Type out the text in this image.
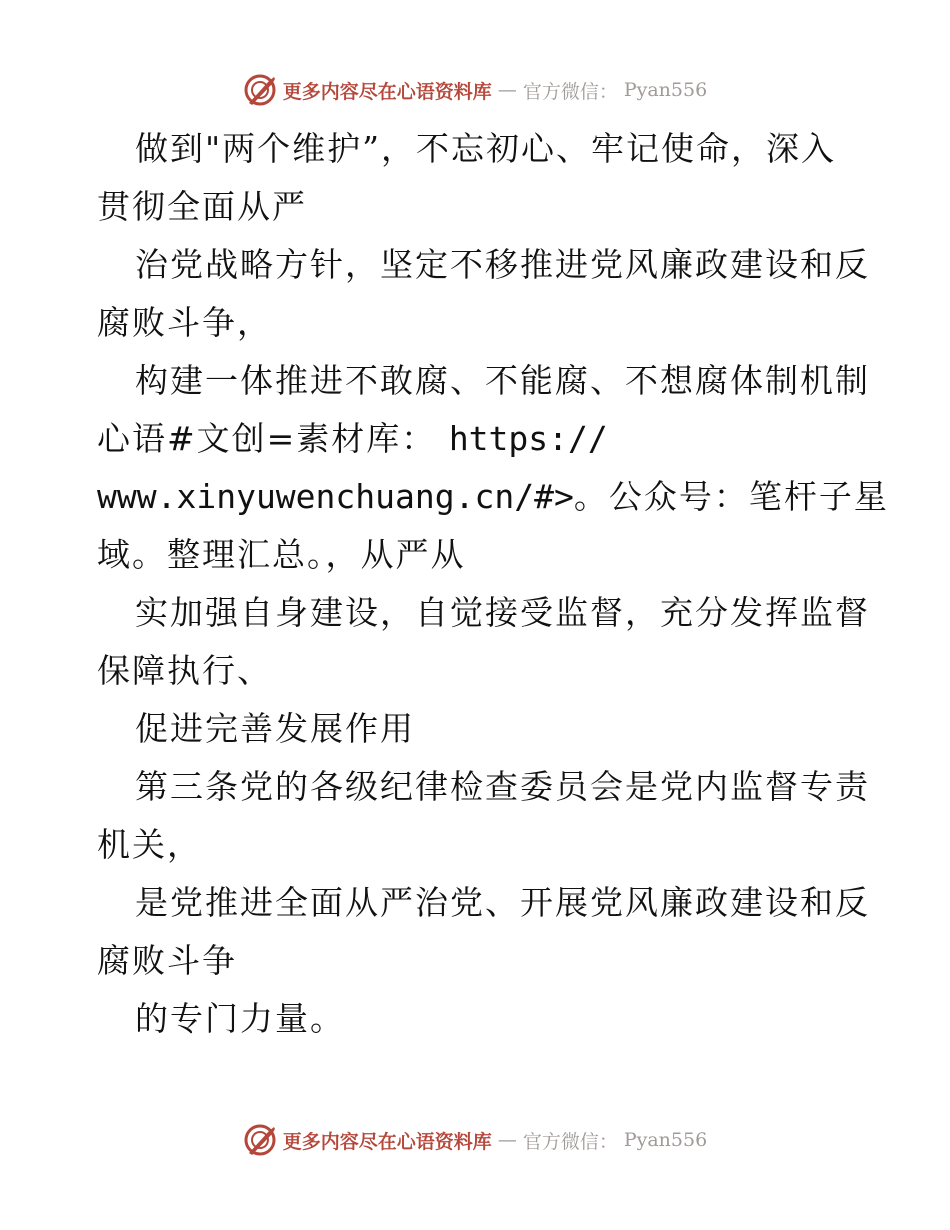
更多内容尽在心语资料库 — 官方微信： Pyan556
做到"两个维护”，不忘初心、牢记使命，深入
贯彻全面从严
治党战略方针，坚定不移推进党风廉政建设和反
腐败斗争，
构建一体推进不敢腐、不能腐、不想腐体制机制
心语#文创=素材库： https://
www.xinyuwenchuang.cn/#>。公众号：笔杆子星
域。整理汇总。，从严从
实加强自身建设，自觉接受监督，充分发挥监督
保障执行、
促进完善发展作用
第三条党的各级纪律检查委员会是党内监督专责
机关，
是党推进全面从严治党、开展党风廉政建设和反
腐败斗争
的专门力量。
更多内容尽在心语资料库 — 官方微信： Pyan556
